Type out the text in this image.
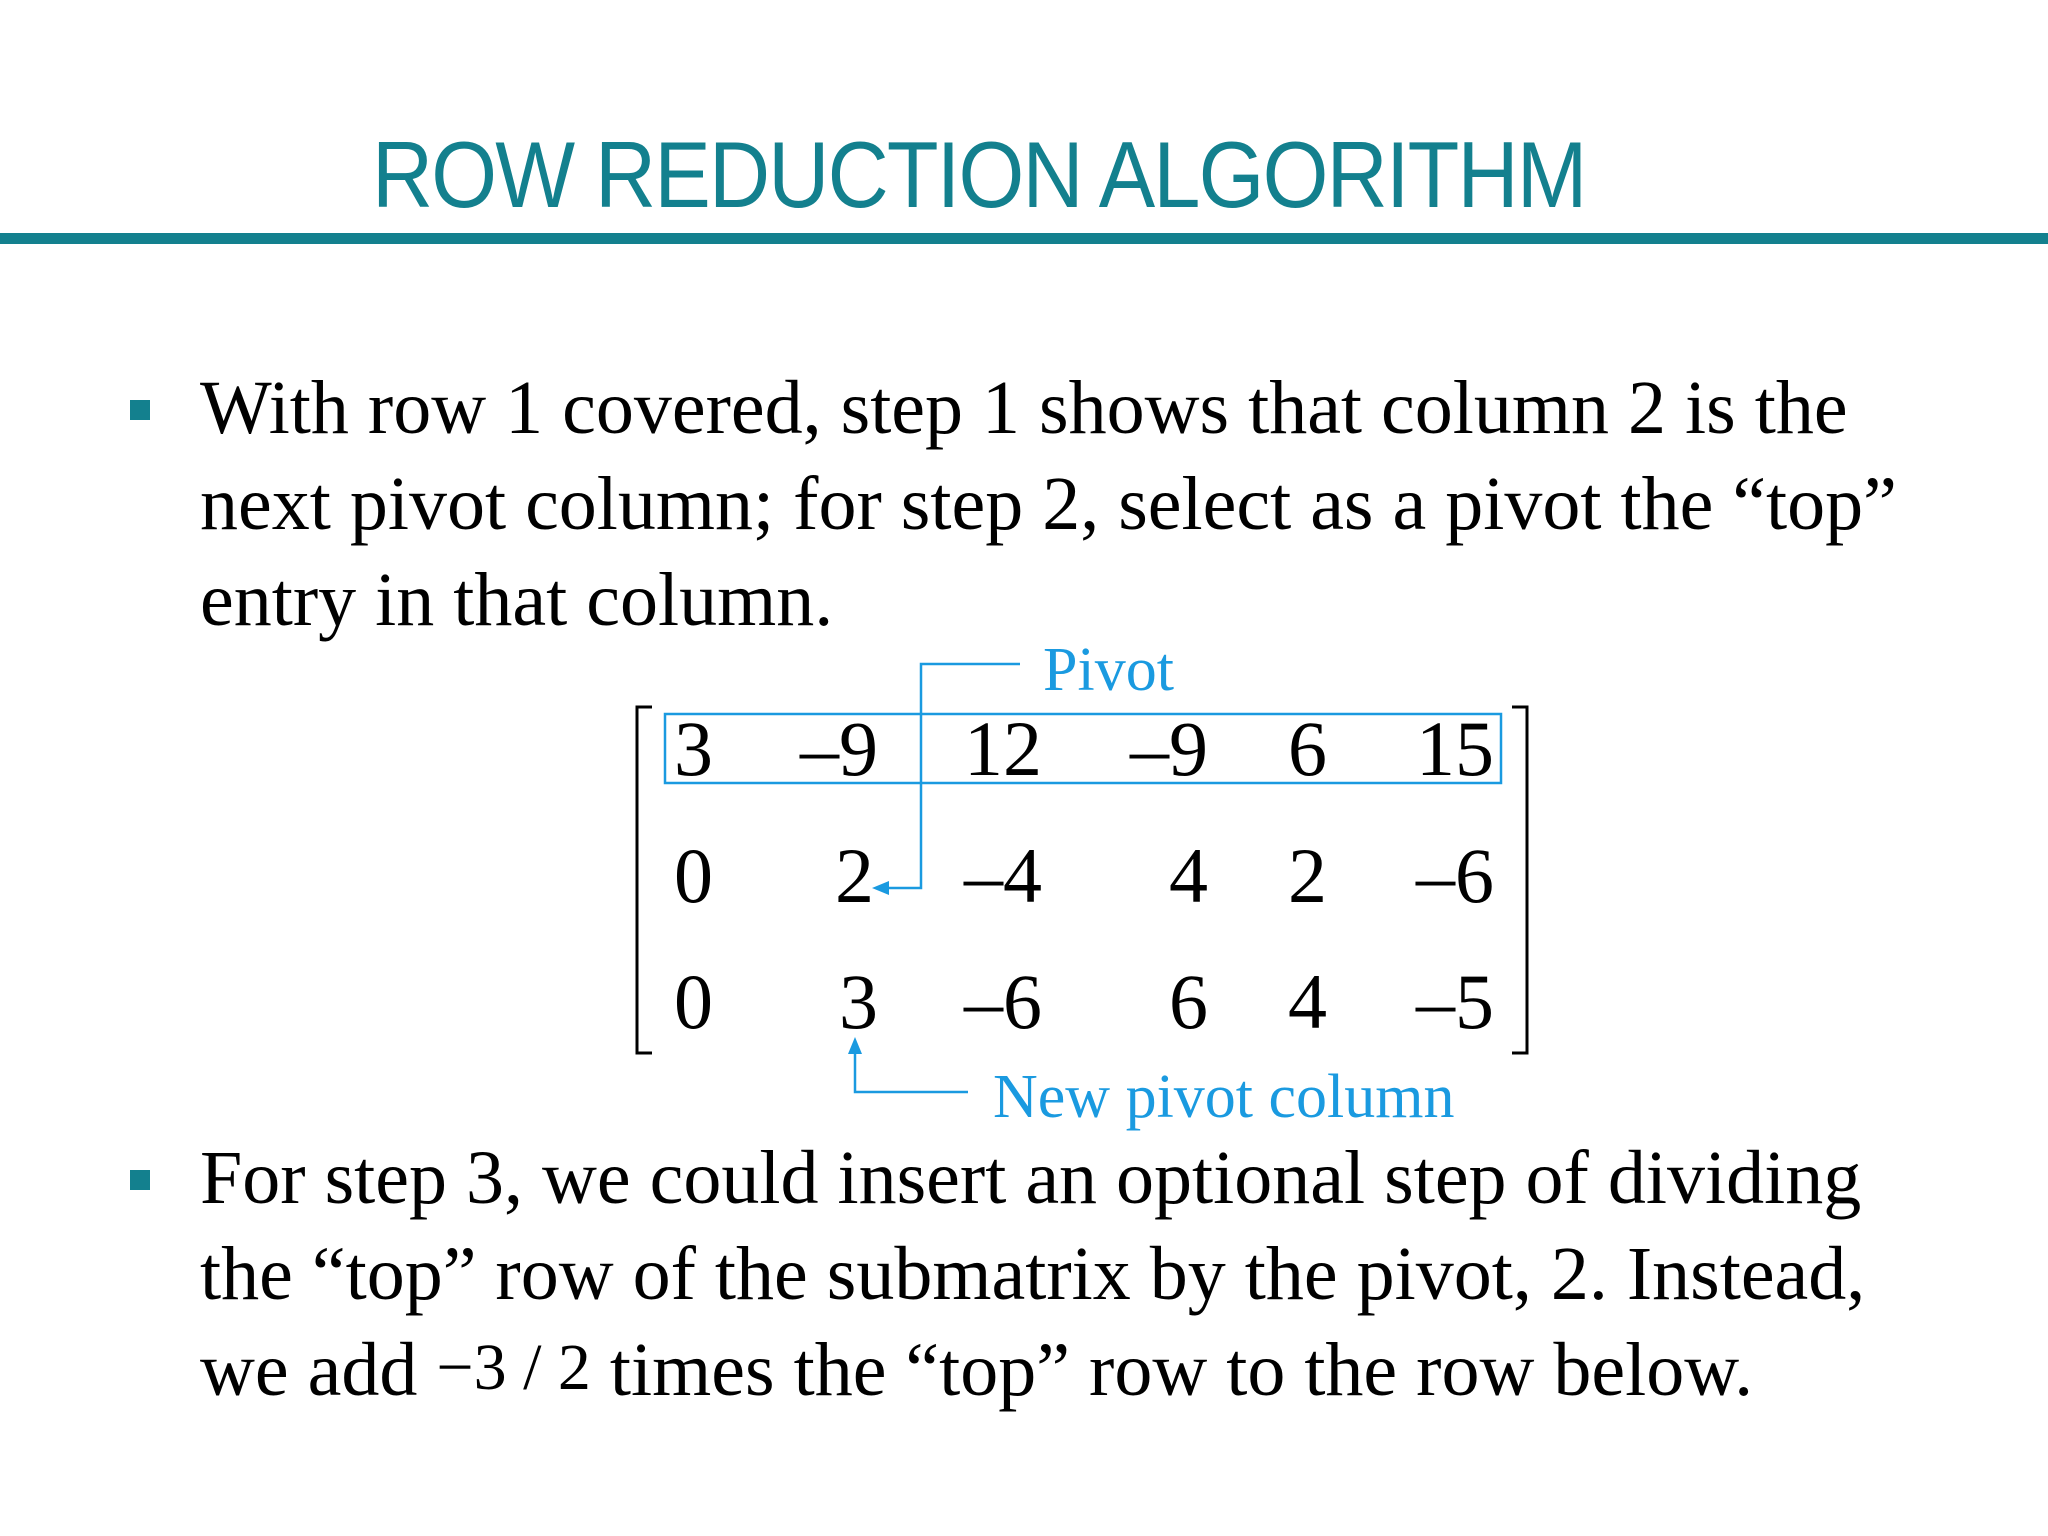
ROW REDUCTION ALGORITHM
With row 1 covered, step 1 shows that column 2 is the
next pivot column; for step 2, select as a pivot the “top”
entry in that column.
Pivot
New pivot column
3 –9 12 –9 6 15
0 2 –4 4 2 –6
0 3 –6 6 4 –5
For step 3, we could insert an optional step of dividing
the “top” row of the submatrix by the pivot, 2. Instead,
we add −3 / 2 times the “top” row to the row below.
